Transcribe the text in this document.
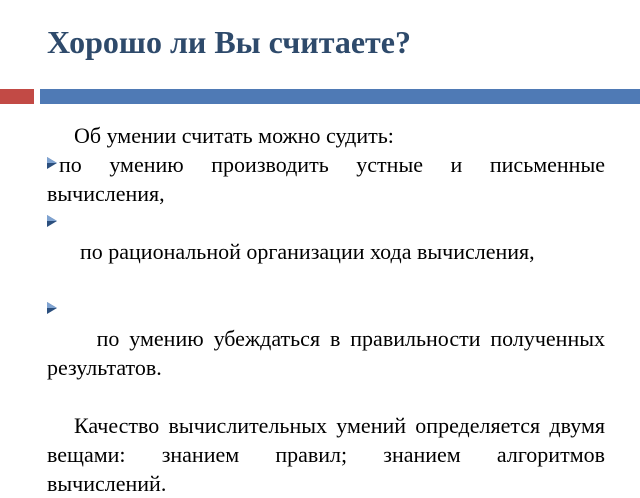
Хорошо ли Вы считаете?

Об умении считать можно судить:

по умению производить устные и письменные вычисления,

по рациональной организации хода вычисления,

по умению убеждаться в правильности полученных результатов.

Качество вычислительных умений определяется двумя вещами: знанием правил; знанием алгоритмов вычислений.
